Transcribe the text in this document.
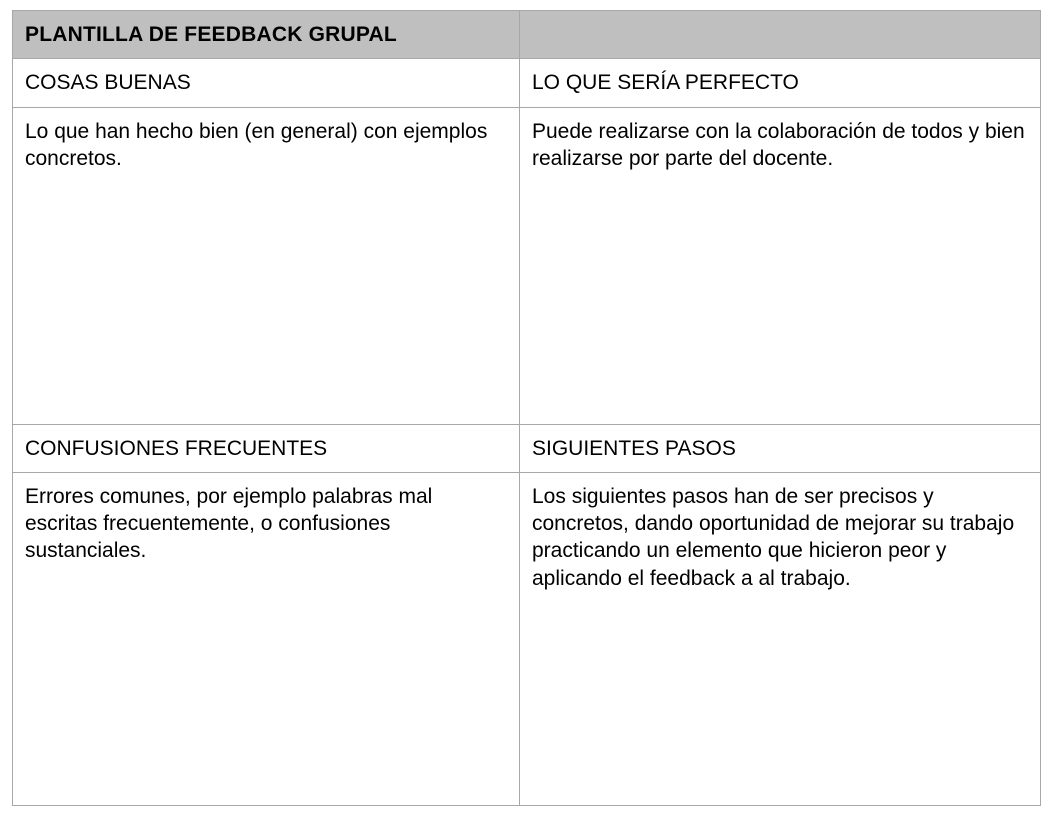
PLANTILLA DE FEEDBACK GRUPAL	

COSAS BUENAS	LO QUE SERÍA PERFECTO

Lo que han hecho bien (en general) con ejemplos concretos.	Puede realizarse con la colaboración de todos y bien realizarse por parte del docente.

CONFUSIONES FRECUENTES	SIGUIENTES PASOS

Errores comunes, por ejemplo palabras mal escritas frecuentemente, o confusiones sustanciales.	Los siguientes pasos han de ser precisos y concretos, dando oportunidad de mejorar su trabajo practicando un elemento que hicieron peor y aplicando el feedback a al trabajo.
